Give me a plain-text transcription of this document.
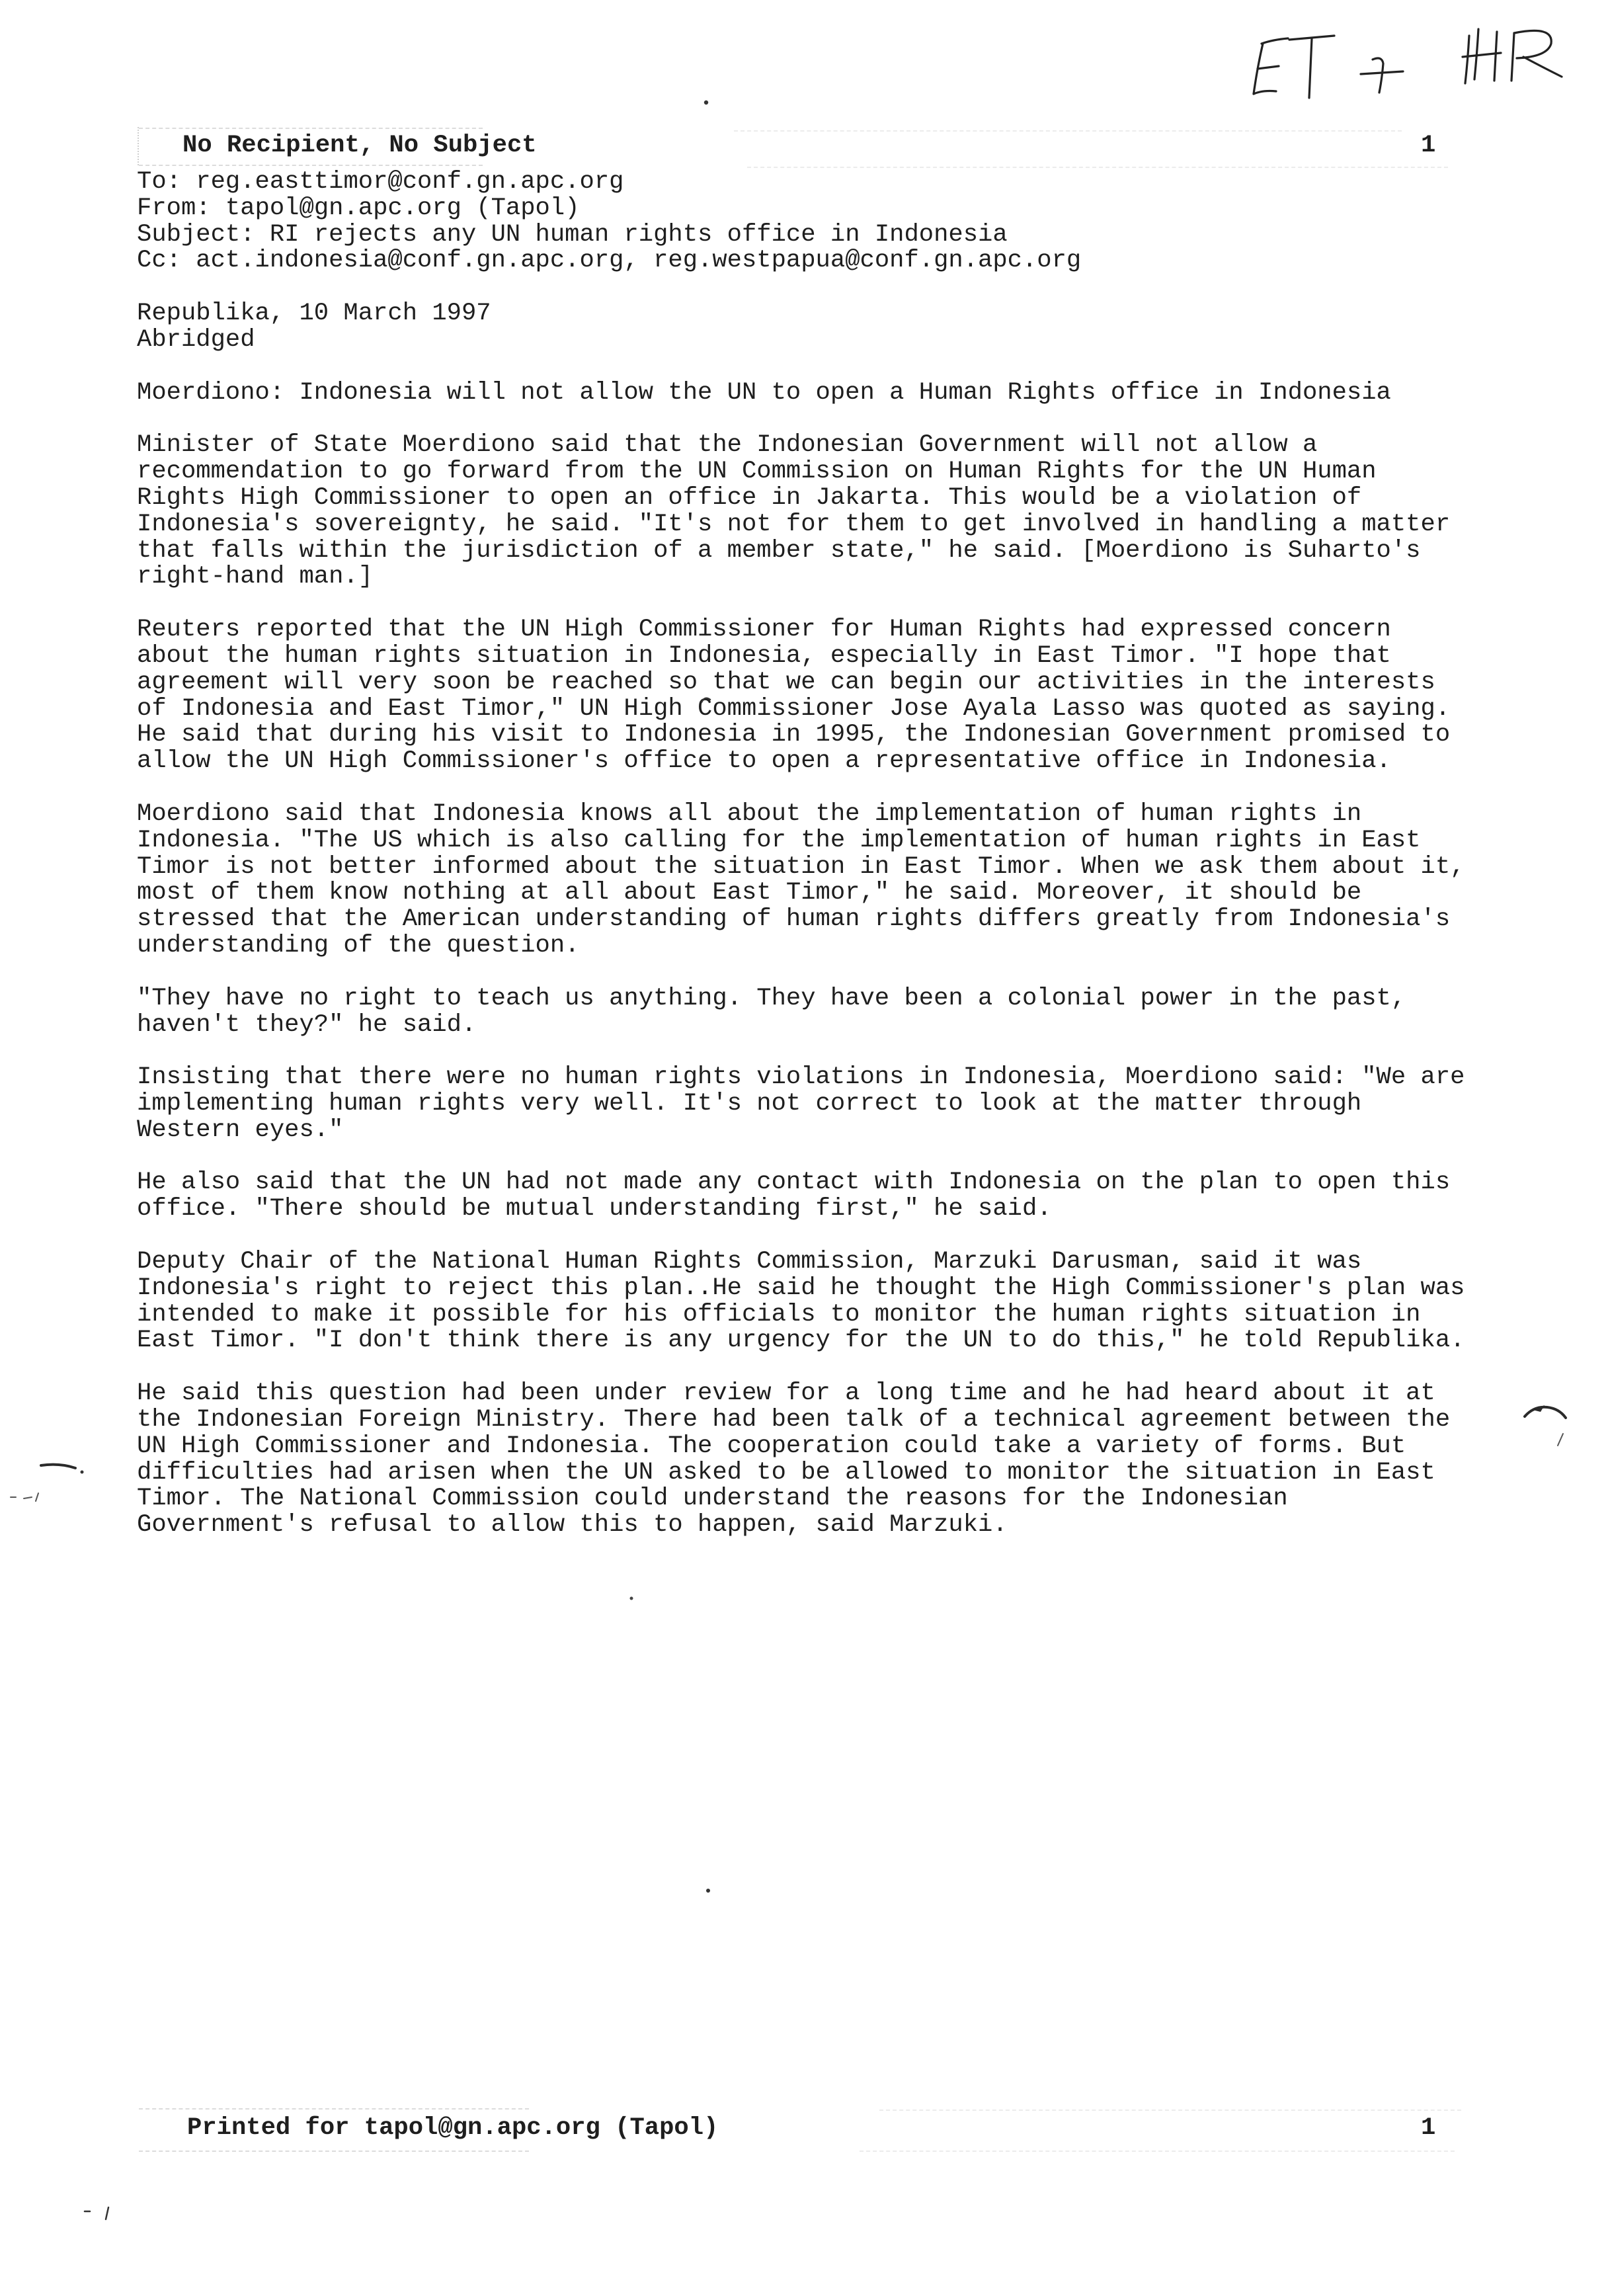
No Recipient, No Subject	1
To: reg.easttimor@conf.gn.apc.org
From: tapol@gn.apc.org (Tapol)
Subject: RI rejects any UN human rights office in Indonesia
Cc: act.indonesia@conf.gn.apc.org, reg.westpapua@conf.gn.apc.org
Republika, 10 March 1997
Abridged
Moerdiono: Indonesia will not allow the UN to open a Human Rights office in Indonesia
Minister of State Moerdiono said that the Indonesian Government will not allow a
recommendation to go forward from the UN Commission on Human Rights for the UN Human
Rights High Commissioner to open an office in Jakarta. This would be a violation of
Indonesia's sovereignty, he said. "It's not for them to get involved in handling a matter
that falls within the jurisdiction of a member state," he said. [Moerdiono is Suharto's
right-hand man.]
Reuters reported that the UN High Commissioner for Human Rights had expressed concern
about the human rights situation in Indonesia, especially in East Timor. "I hope that
agreement will very soon be reached so that we can begin our activities in the interests
of Indonesia and East Timor," UN High Commissioner Jose Ayala Lasso was quoted as saying.
He said that during his visit to Indonesia in 1995, the Indonesian Government promised to
allow the UN High Commissioner's office to open a representative office in Indonesia.
Moerdiono said that Indonesia knows all about the implementation of human rights in
Indonesia. "The US which is also calling for the implementation of human rights in East
Timor is not better informed about the situation in East Timor. When we ask them about it,
most of them know nothing at all about East Timor," he said. Moreover, it should be
stressed that the American understanding of human rights differs greatly from Indonesia's
understanding of the question.
"They have no right to teach us anything. They have been a colonial power in the past,
haven't they?" he said.
Insisting that there were no human rights violations in Indonesia, Moerdiono said: "We are
implementing human rights very well. It's not correct to look at the matter through
Western eyes."
He also said that the UN had not made any contact with Indonesia on the plan to open this
office. "There should be mutual understanding first," he said.
Deputy Chair of the National Human Rights Commission, Marzuki Darusman, said it was
Indonesia's right to reject this plan..He said he thought the High Commissioner's plan was
intended to make it possible for his officials to monitor the human rights situation in
East Timor. "I don't think there is any urgency for the UN to do this," he told Republika.
He said this question had been under review for a long time and he had heard about it at
the Indonesian Foreign Ministry. There had been talk of a technical agreement between the
UN High Commissioner and Indonesia. The cooperation could take a variety of forms. But
difficulties had arisen when the UN asked to be allowed to monitor the situation in East
Timor. The National Commission could understand the reasons for the Indonesian
Government's refusal to allow this to happen, said Marzuki.
Printed for tapol@gn.apc.org (Tapol)	1
